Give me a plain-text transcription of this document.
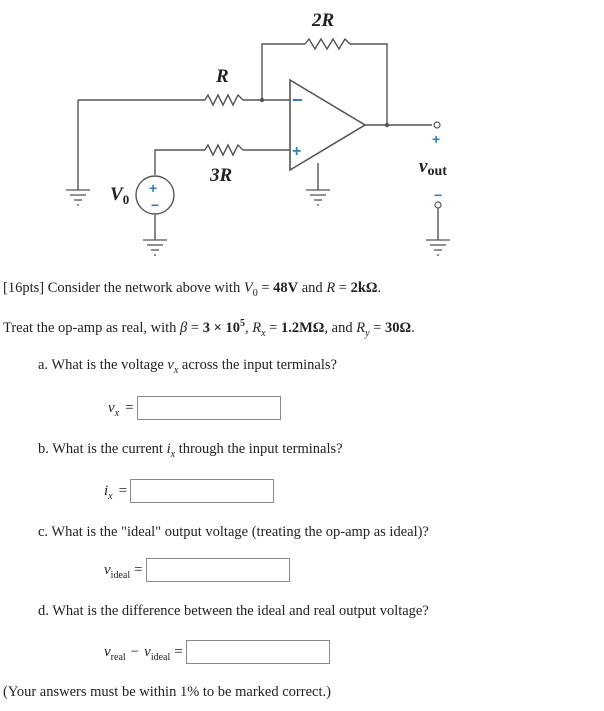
2R
R
3R
−
+
+
−
$V_0$
+
−
vout
[16pts] Consider the network above with $V_0 = 48V$ and R = 2kΩ.
Treat the op-amp as real, with $\beta = 3 \times 10^5$, $R_x = 1.2M\Omega$, and $R_y = 30\Omega$.
a. What is the voltage $v_x$ across the input terminals?
$v_x$ =
b. What is the current $i_x$ through the input terminals?
$i_x$ =
c. What is the "ideal" output voltage (treating the op-amp as ideal)?
$v_{ideal}$ =
d. What is the difference between the ideal and real output voltage?
$v_{real} - v_{ideal}$ =
(Your answers must be within 1% to be marked correct.)
